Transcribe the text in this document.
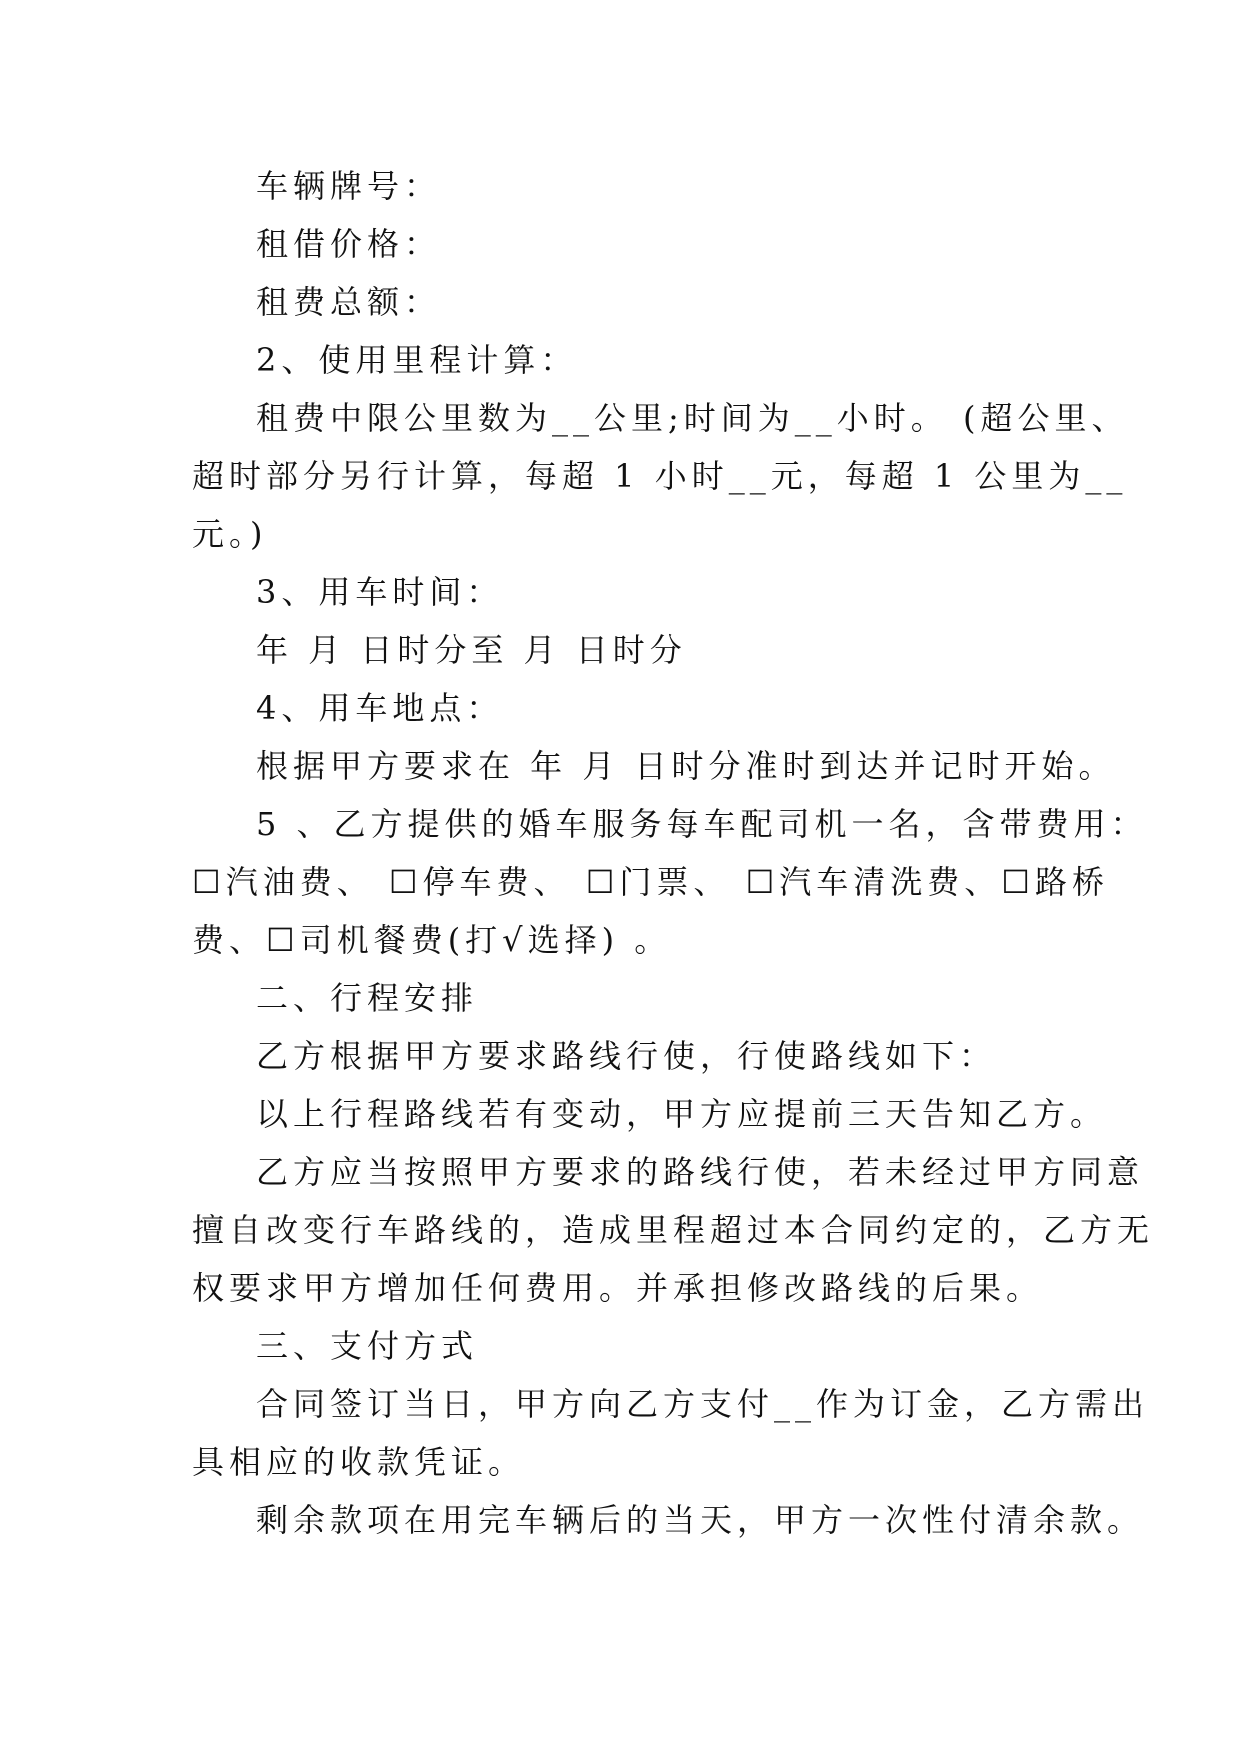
车辆牌号：
租借价格：
租费总额：
2、使用里程计算：
租费中限公里数为__公里;时间为__小时。 (超公里、
超时部分另行计算，每超 1 小时__元，每超 1 公里为__
元。)
3、用车时间：
年 月 日时分至 月 日时分
4、用车地点：
根据甲方要求在 年 月 日时分准时到达并记时开始。
5 、乙方提供的婚车服务每车配司机一名，含带费用：
☐汽油费、 ☐停车费、 ☐门票、 ☐汽车清洗费、☐路桥
费、☐司机餐费(打√选择) 。
二、行程安排
乙方根据甲方要求路线行使，行使路线如下：
以上行程路线若有变动，甲方应提前三天告知乙方。
乙方应当按照甲方要求的路线行使，若未经过甲方同意
擅自改变行车路线的，造成里程超过本合同约定的，乙方无
权要求甲方增加任何费用。并承担修改路线的后果。
三、支付方式
合同签订当日，甲方向乙方支付__作为订金，乙方需出
具相应的收款凭证。
剩余款项在用完车辆后的当天，甲方一次性付清余款。
